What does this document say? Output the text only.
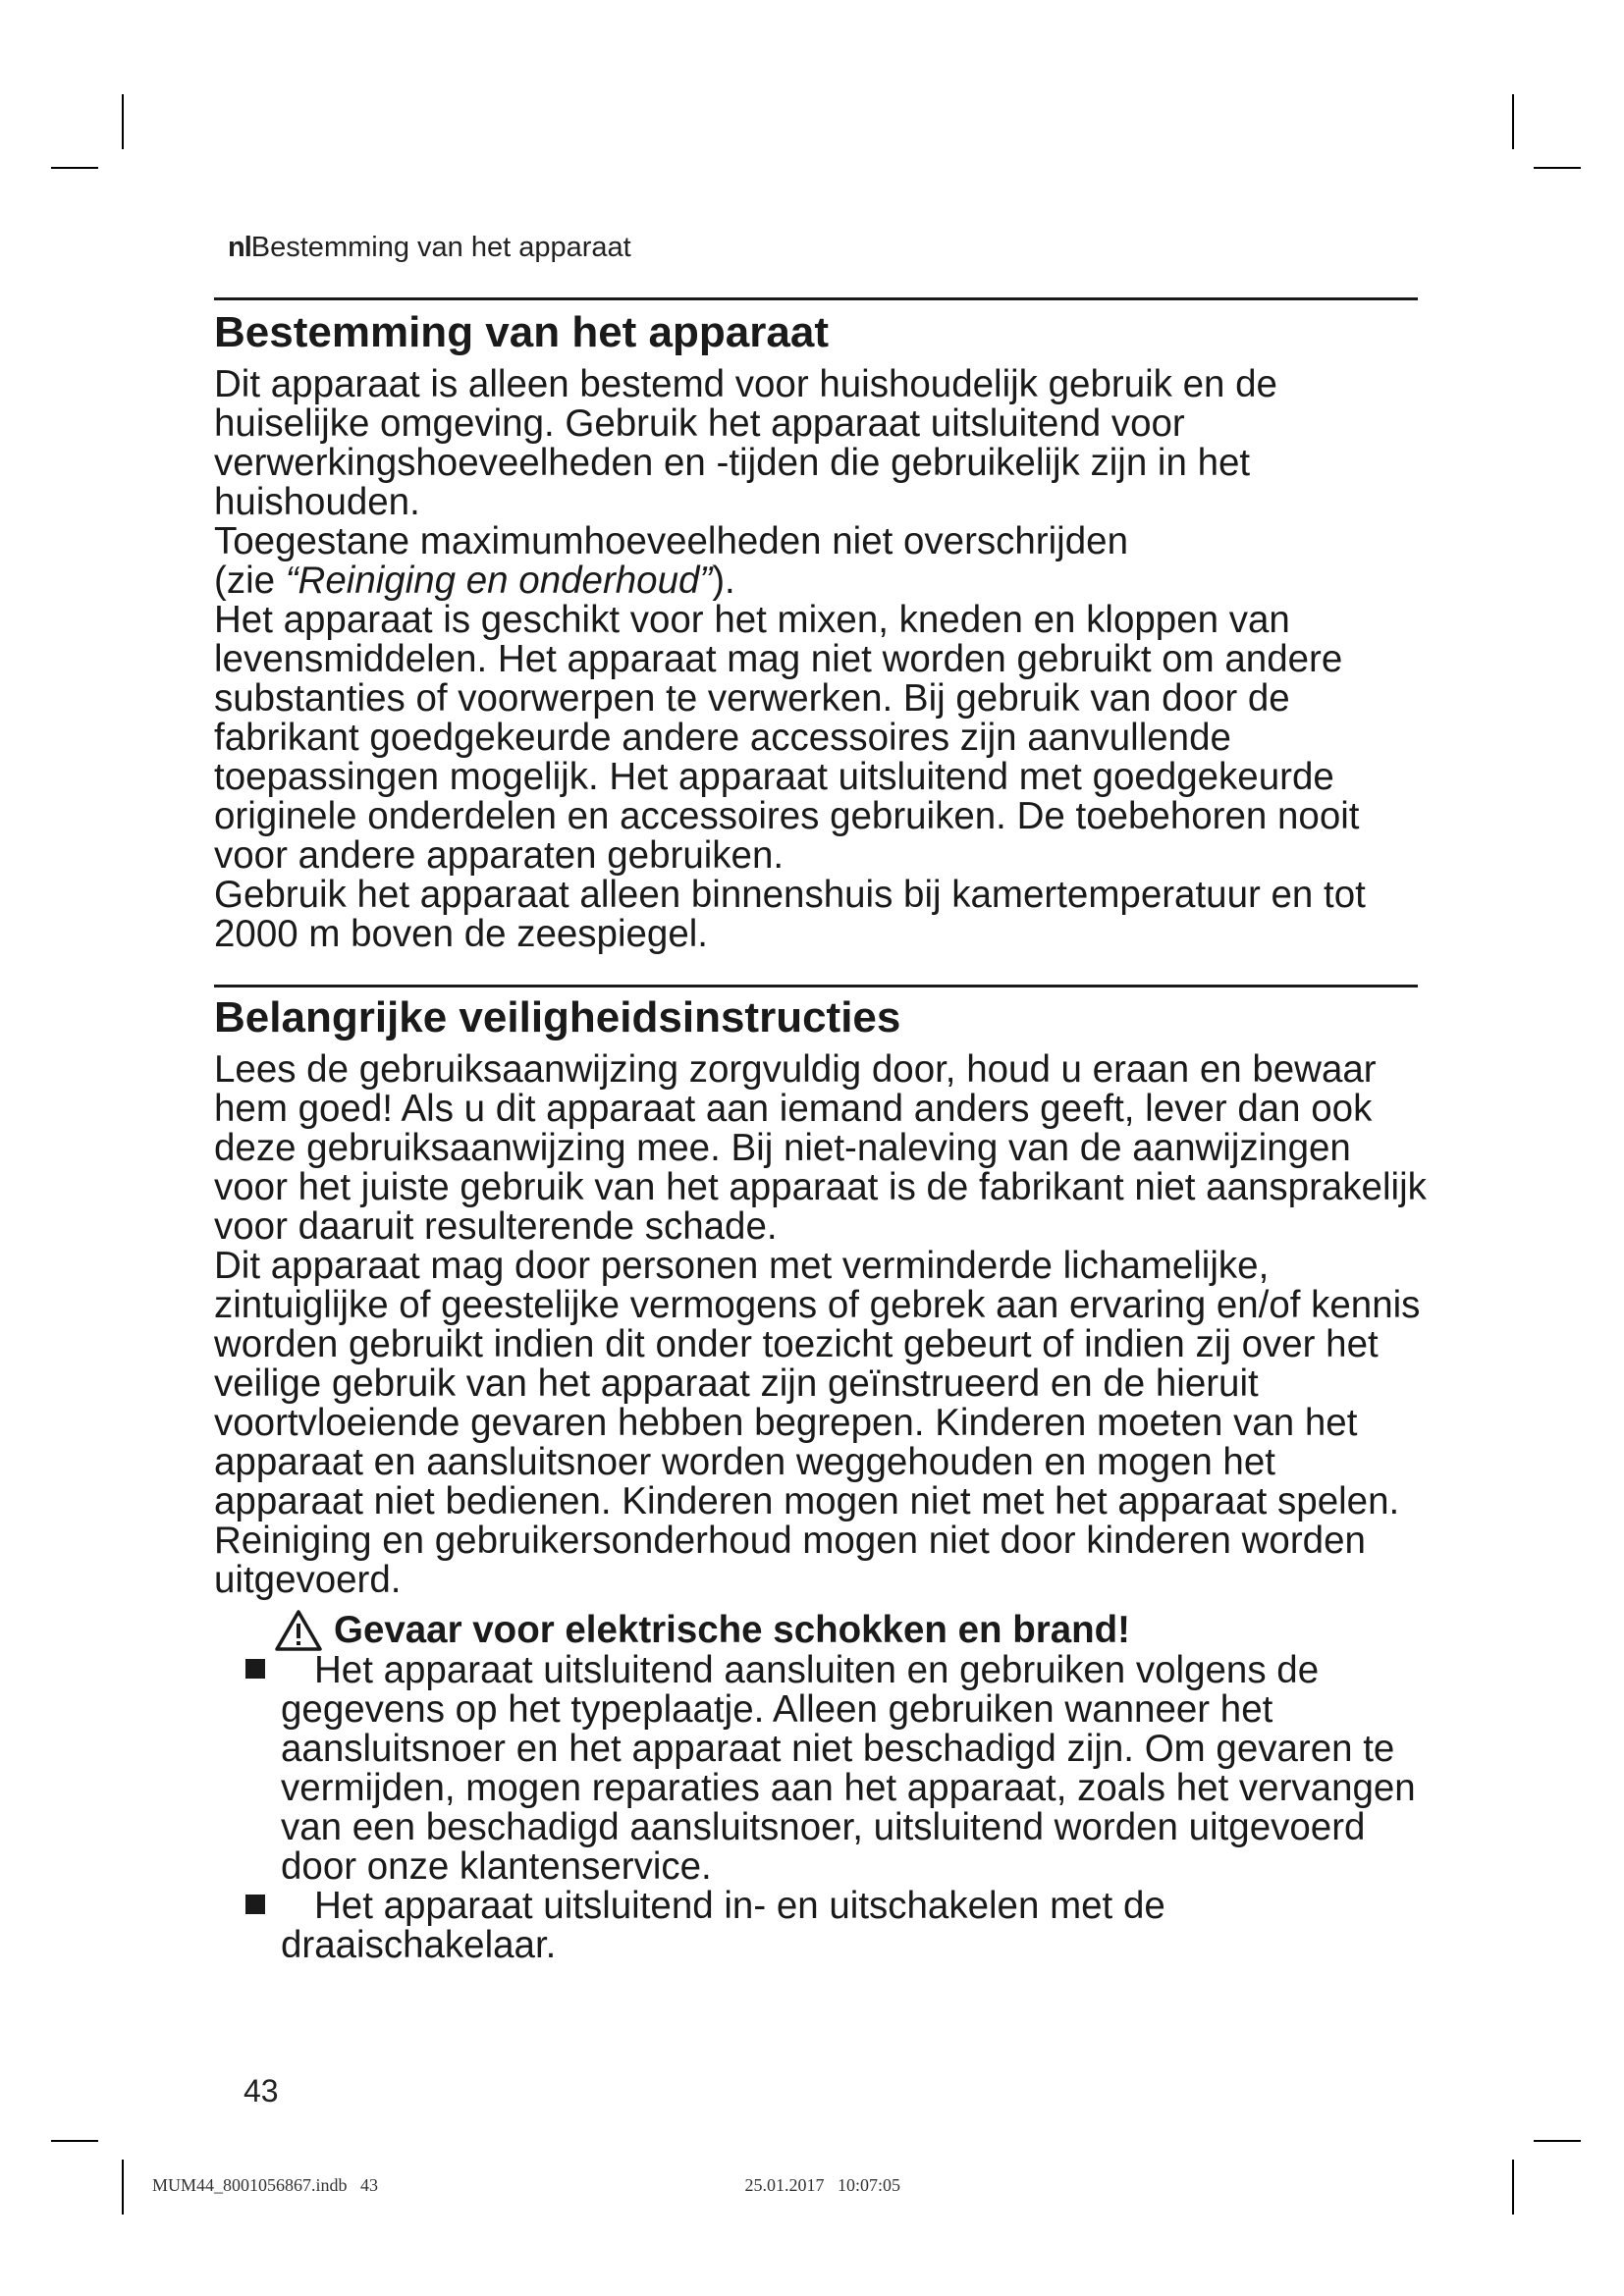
nlBestemming van het apparaat
Bestemming van het apparaat

Dit apparaat is alleen bestemd voor huishoudelijk gebruik en de huiselijke omgeving. Gebruik het apparaat uitsluitend voor verwerkingshoeveelheden en -tijden die gebruikelijk zijn in het huishouden.

Toegestane maximumhoeveelheden niet overschrijden

(zie “Reiniging en onderhoud”).

Het apparaat is geschikt voor het mixen, kneden en kloppen van levensmiddelen. Het apparaat mag niet worden gebruikt om andere substanties of voorwerpen te verwerken. Bij gebruik van door de fabrikant goedgekeurde andere accessoires zijn aanvullende toepassingen mogelijk. Het apparaat uitsluitend met goedgekeurde originele onderdelen en accessoires gebruiken. De toebehoren nooit voor andere apparaten gebruiken.

Gebruik het apparaat alleen binnenshuis bij kamertemperatuur en tot 2000 m boven de zeespiegel.

Belangrijke veiligheidsinstructies

Lees de gebruiksaanwijzing zorgvuldig door, houd u eraan en bewaar hem goed! Als u dit apparaat aan iemand anders geeft, lever dan ook deze gebruiksaanwijzing mee. Bij niet-naleving van de aanwijzingen voor het juiste gebruik van het apparaat is de fabrikant niet aansprakelijk voor daaruit resulterende schade.

Dit apparaat mag door personen met verminderde lichamelijke, zintuiglijke of geestelijke vermogens of gebrek aan ervaring en/of kennis worden gebruikt indien dit onder toezicht gebeurt of indien zij over het veilige gebruik van het apparaat zijn geïnstrueerd en de hieruit voortvloeiende gevaren hebben begrepen. Kinderen moeten van het apparaat en aansluitsnoer worden weggehouden en mogen het apparaat niet bedienen. Kinderen mogen niet met het apparaat spelen. Reiniging en gebruikersonderhoud mogen niet door kinderen worden uitgevoerd.

Gevaar voor elektrische schokken en brand!
Het apparaat uitsluitend aansluiten en gebruiken volgens de gegevens op het typeplaatje. Alleen gebruiken wanneer het aansluitsnoer en het apparaat niet beschadigd zijn. Om gevaren te vermijden, mogen reparaties aan het apparaat, zoals het vervangen van een beschadigd aansluitsnoer, uitsluitend worden uitgevoerd door onze klantenservice.
Het apparaat uitsluitend in- en uitschakelen met de draaischakelaar.
43
MUM44_8001056867.indb   43                                                                                   25.01.2017   10:07:05
